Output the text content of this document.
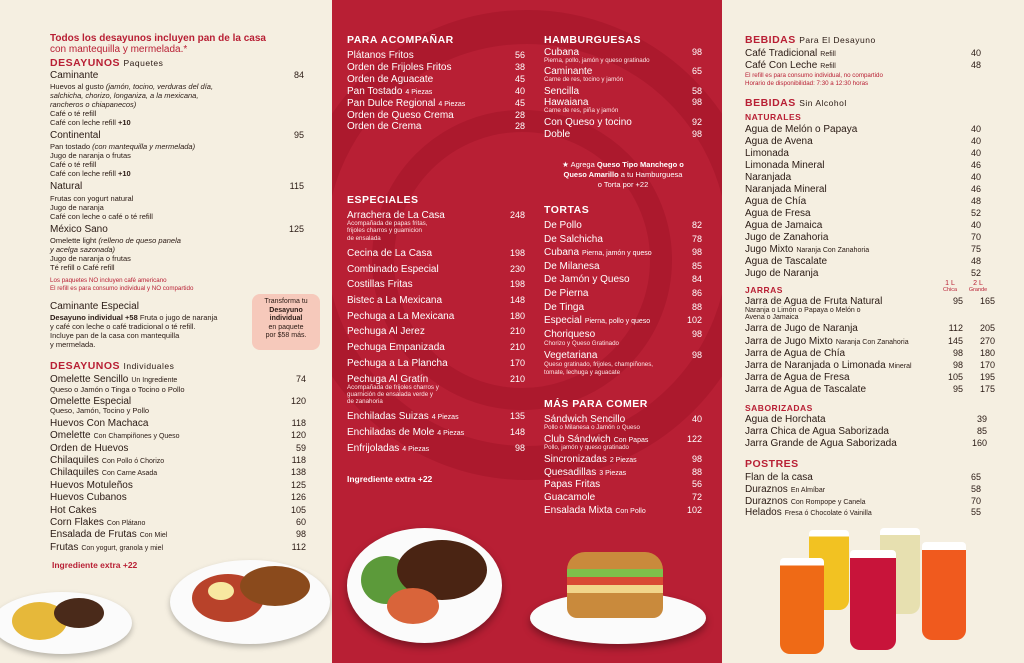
Todos los desayunos incluyen pan de la casa
con mantequilla y mermelada.*
DESAYUNOS Paquetes
Caminante	84
Huevos al gusto (jamón, tocino, verduras del día,
salchicha, chorizo, longaniza, a la mexicana,
rancheros o chiapanecos)
Café o té refill
Café con leche refill +10
Continental	95
Pan tostado (con mantequilla y mermelada)
Jugo de naranja o frutas
Café o té refill
Café con leche refill +10
Natural	115
Frutas con yogurt natural
Jugo de naranja
Café con leche o café o té refill
México Sano	125
Omelette light (relleno de queso panela
y acelga sazonada)
Jugo de naranja o frutas
Té refill o Café refill
Los paquetes NO incluyen café americano
El refill es para consumo individual y NO compartido
Caminante Especial
Desayuno individual +58 Fruta o jugo de naranja
y café con leche o café tradicional o té refill.
Incluye pan de la casa con mantequilla
y mermelada.
Transforma tu
Desayuno
individual
en paquete
por $58 más.
DESAYUNOS Individuales
Omelette Sencillo Un Ingrediente	74
Queso o Jamón o Tinga o Tocino o Pollo
Omelette Especial	120
Queso, Jamón, Tocino y Pollo
Huevos Con Machaca	118
Omelette Con Champiñones y Queso	120
Orden de Huevos	59
Chilaquiles Con Pollo ó Chorizo	118
Chilaquiles Con Carne Asada	138
Huevos Motuleños	125
Huevos Cubanos	126
Hot Cakes	105
Corn Flakes Con Plátano	60
Ensalada de Frutas Con Miel	98
Frutas Con yogurt, granola y miel	112
Ingrediente extra +22
PARA ACOMPAÑAR
Plátanos Fritos	56
Orden de Frijoles Fritos	38
Orden de Aguacate	45
Pan Tostado 4 Piezas	40
Pan Dulce Regional 4 Piezas	45
Orden de Queso Crema	28
Orden de Crema	28
ESPECIALES
Arrachera de La Casa	248
Acompañada de papas fritas,
frijoles charros y guamicion
de ensalada
Cecina de La Casa	198
Combinado Especial	230
Costillas Fritas	198
Bistec a La Mexicana	148
Pechuga a La Mexicana	180
Pechuga Al Jerez	210
Pechuga Empanizada	210
Pechuga a La Plancha	170
Pechuga Al Gratín	210
Acompañada de frijoles charros y
guarnición de ensalada verde y
de zanahoria
Enchiladas Suizas 4 Piezas	135
Enchiladas de Mole 4 Piezas	148
Enfrijoladas 4 Piezas	98
Ingrediente extra +22
HAMBURGUESAS
Cubana	98
Pierna, pollo, jamón y queso gratinado
Caminante	65
Carne de res, tocino y jamón
Sencilla	58
Hawaiana	98
Carne de res, piña y jamón
Con Queso y tocino	92
Doble	98
★ Agrega Queso Tipo Manchego o
Queso Amarillo a tu Hamburguesa
o Torta por +22
TORTAS
De Pollo	82
De Salchicha	78
Cubana Pierna, jamón y queso	98
De Milanesa	85
De Jamón y Queso	84
De Pierna	86
De Tinga	88
Especial Pierna, pollo y queso	102
Choriqueso	98
Chorizo y Queso Gratinado
Vegetariana	98
Queso gratinado, frijoles, champiñones,
tomate, lechuga y aguacate
MÁS PARA COMER
Sándwich Sencillo	40
Pollo o Milanesa o Jamón o Queso
Club Sándwich Con Papas	122
Pollo, jamón y queso gratinado
Sincronizadas 2 Piezas	98
Quesadillas 3 Piezas	88
Papas Fritas	56
Guacamole	72
Ensalada Mixta Con Pollo	102
BEBIDAS Para El Desayuno
Café Tradicional Refill	40
Café Con Leche Refill	48
El refill es para consumo individual, no compartido
Horario de disponibilidad: 7:30 a 12:30 horas
BEBIDAS Sin Alcohol
NATURALES
Agua de Melón o Papaya	40
Agua de Avena	40
Limonada	40
Limonada Mineral	46
Naranjada	40
Naranjada Mineral	46
Agua de Chía	48
Agua de Fresa	52
Agua de Jamaica	40
Jugo de Zanahoria	70
Jugo Mixto Naranja Con Zanahoria	75
Agua de Tascalate	48
Jugo de Naranja	52
JARRAS
1 L
Chica
2 L
Grande
Jarra de Agua de Fruta Natural	95	165
Naranja o Limón o Papaya o Melón o
Avena o Jamaica
Jarra de Jugo de Naranja	112	205
Jarra de Jugo Mixto Naranja Con Zanahoria	145	270
Jarra de Agua de Chía	98	180
Jarra de Naranjada o Limonada Mineral	98	170
Jarra de Agua de Fresa	105	195
Jarra de Agua de Tascalate	95	175
SABORIZADAS
Agua de Horchata	39
Jarra Chica de Agua Saborizada	85
Jarra Grande de Agua Saborizada	160
POSTRES
Flan de la casa	65
Duraznos En Almíbar	58
Duraznos Con Rompope y Canela	70
Helados Fresa ó Chocolate ó Vainilla	55
